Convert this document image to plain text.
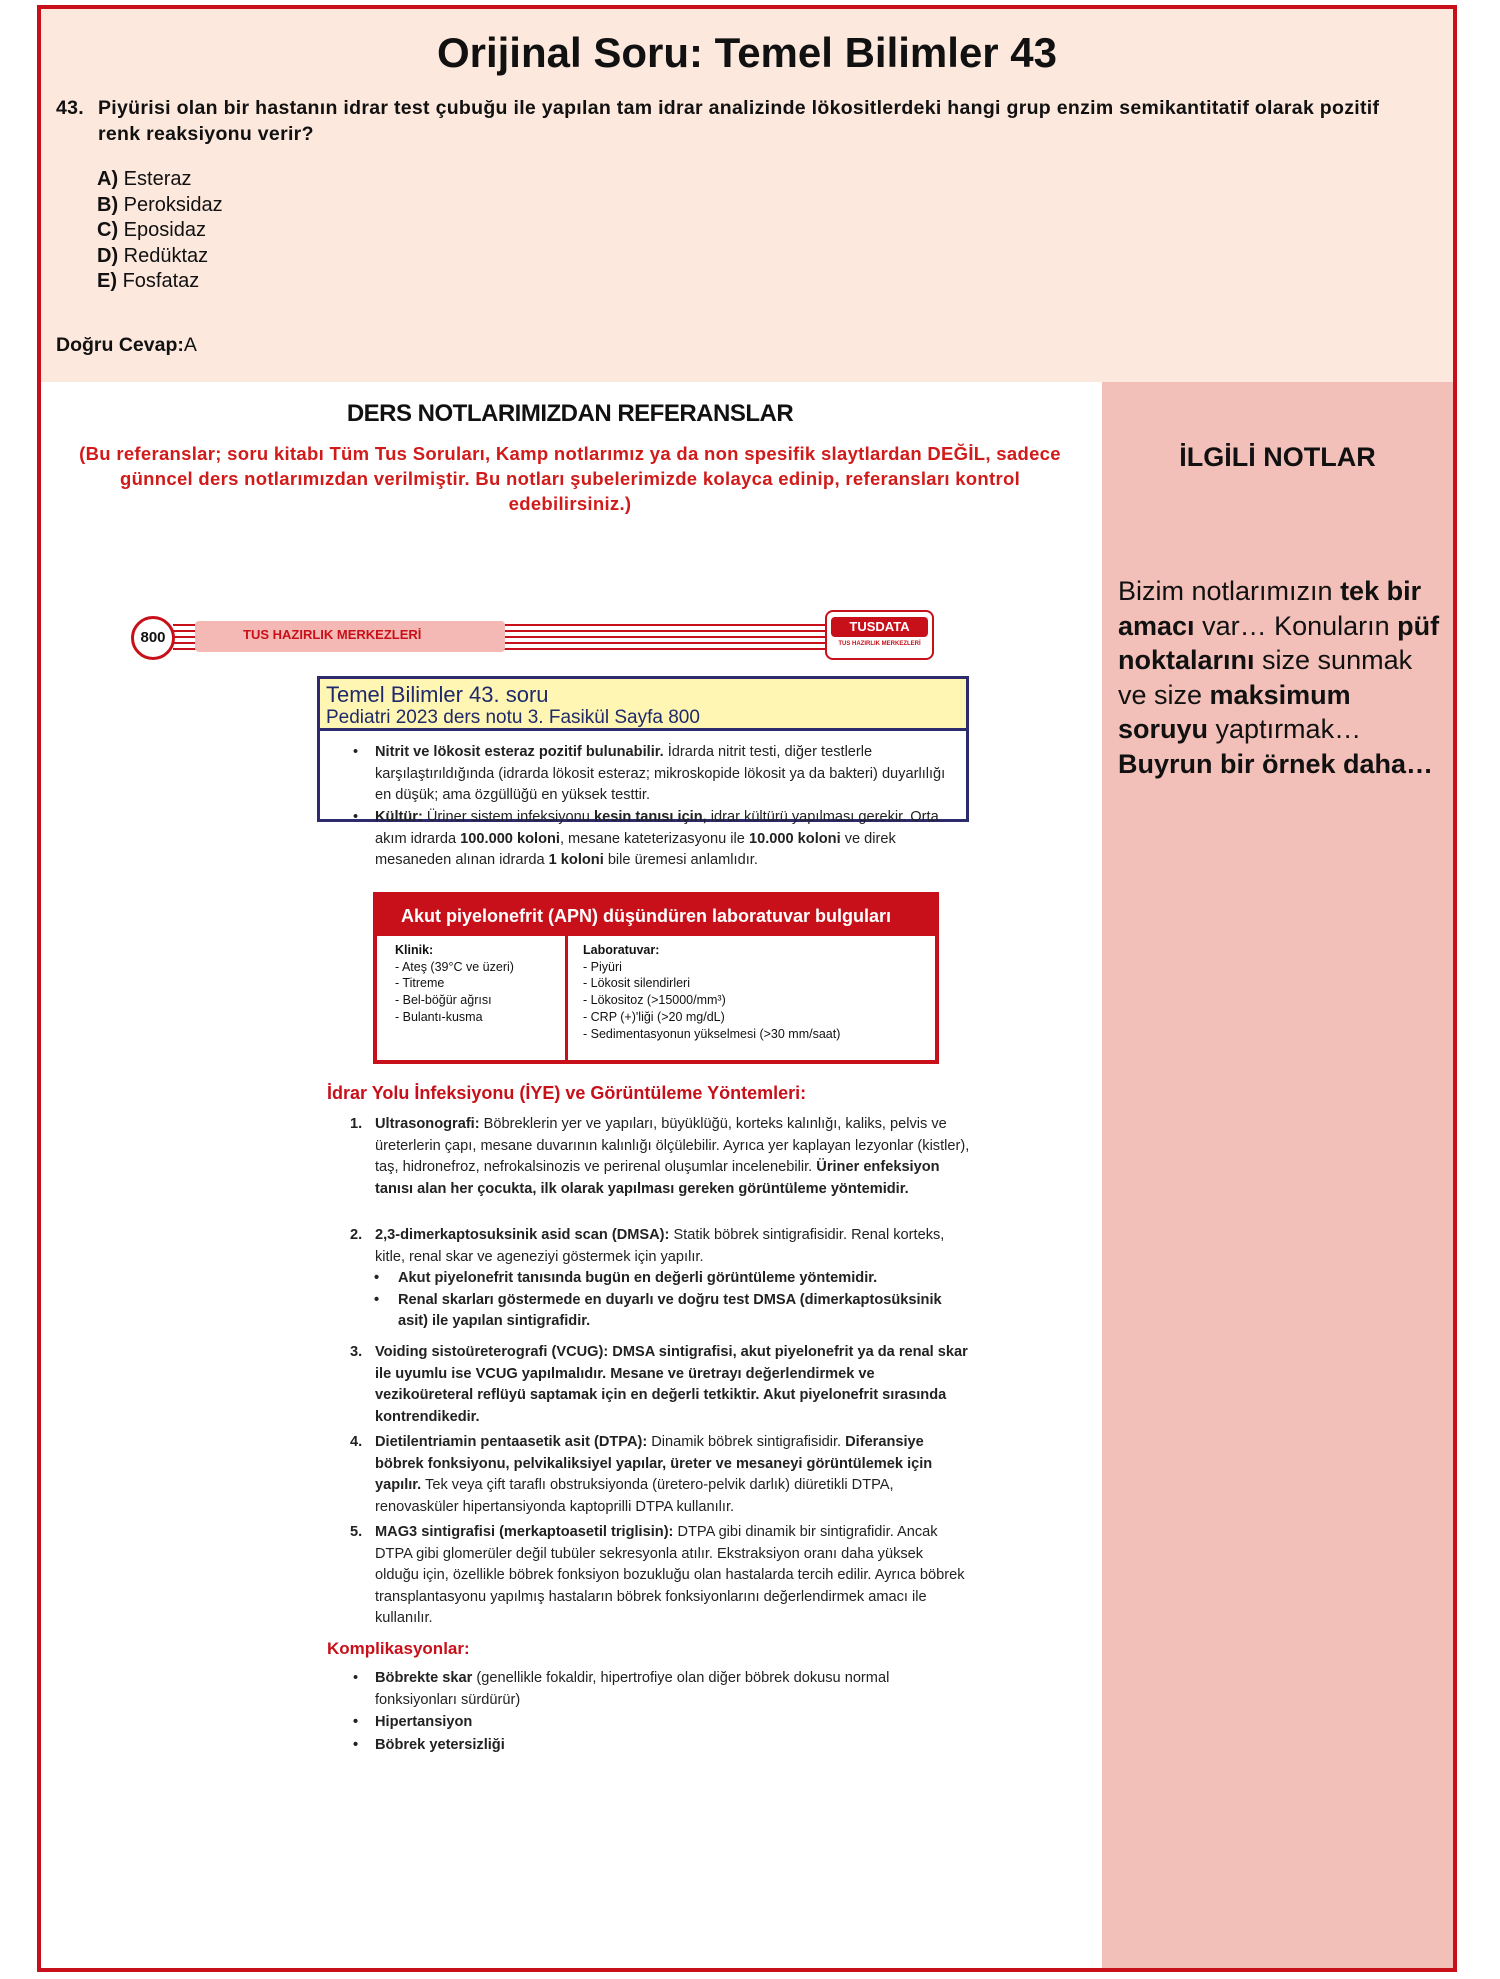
Orijinal Soru: Temel Bilimler 43
43. Piyürisi olan bir hastanın idrar test çubuğu ile yapılan tam idrar analizinde lökositlerdeki hangi grup enzim semikantitatif olarak pozitif renk reaksiyonu verir?
A) Esteraz
B) Peroksidaz
C) Eposidaz
D) Redüktaz
E) Fosfataz
Doğru Cevap:A
İLGİLİ NOTLAR
Bizim notlarımızın tek bir amacı var… Konuların püf noktalarını size sunmak ve size maksimum soruyu yaptırmak…Buyrun bir örnek daha…
DERS NOTLARIMIZDAN REFERANSLAR
(Bu referanslar; soru kitabı Tüm Tus Soruları, Kamp notlarımız ya da non spesifik slaytlardan DEĞİL, sadece günncel ders notlarımızdan verilmiştir. Bu notları şubelerimizde kolayca edinip, referansları kontrol edebilirsiniz.)
800	TUS HAZIRLIK MERKEZLERİ
TUSDATA
TUS HAZIRLIK MERKEZLERİ
Temel Bilimler 43. soru
Pediatri 2023 ders notu 3. Fasikül Sayfa 800
• Nitrit ve lökosit esteraz pozitif bulunabilir. İdrarda nitrit testi, diğer testlerle karşılaştırıldığında (idrarda lökosit esteraz; mikroskopide lökosit ya da bakteri) duyarlılığı en düşük; ama özgüllüğü en yüksek testtir.
• Kültür: Üriner sistem infeksiyonu kesin tanısı için, idrar kültürü yapılması gerekir. Orta akım idrarda 100.000 koloni, mesane kateterizasyonu ile 10.000 koloni ve direk mesaneden alınan idrarda 1 koloni bile üremesi anlamlıdır.
Akut piyelonefrit (APN) düşündüren laboratuvar bulguları
Klinik:
- Ateş (39°C ve üzeri)
- Titreme
- Bel-böğür ağrısı
- Bulantı-kusma
Laboratuvar:
- Piyüri
- Lökosit silendirleri
- Lökositoz (>15000/mm³)
- CRP (+)'liği (>20 mg/dL)
- Sedimentasyonun yükselmesi (>30 mm/saat)
İdrar Yolu İnfeksiyonu (İYE) ve Görüntüleme Yöntemleri:
1. Ultrasonografi: Böbreklerin yer ve yapıları, büyüklüğü, korteks kalınlığı, kaliks, pelvis ve üreterlerin çapı, mesane duvarının kalınlığı ölçülebilir. Ayrıca yer kaplayan lezyonlar (kistler), taş, hidronefroz, nefrokalsinozis ve perirenal oluşumlar incelenebilir. Üriner enfeksiyon tanısı alan her çocukta, ilk olarak yapılması gereken görüntüleme yöntemidir.
2. 2,3-dimerkaptosuksinik asid scan (DMSA): Statik böbrek sintigrafisidir. Renal korteks, kitle, renal skar ve ageneziyi göstermek için yapılır.
• Akut piyelonefrit tanısında bugün en değerli görüntüleme yöntemidir.
• Renal skarları göstermede en duyarlı ve doğru test DMSA (dimerkaptosüksinik asit) ile yapılan sintigrafidir.
3. Voiding sistoüreterografi (VCUG): DMSA sintigrafisi, akut piyelonefrit ya da renal skar ile uyumlu ise VCUG yapılmalıdır. Mesane ve üretrayı değerlendirmek ve vezikoüreteral reflüyü saptamak için en değerli tetkiktir. Akut piyelonefrit sırasında kontrendikedir.
4. Dietilentriamin pentaasetik asit (DTPA): Dinamik böbrek sintigrafisidir. Diferansiye böbrek fonksiyonu, pelvikaliksiyel yapılar, üreter ve mesaneyi görüntülemek için yapılır. Tek veya çift taraflı obstruksiyonda (üretero-pelvik darlık) diüretikli DTPA, renovasküler hipertansiyonda kaptoprilli DTPA kullanılır.
5. MAG3 sintigrafisi (merkaptoasetil triglisin): DTPA gibi dinamik bir sintigrafidir. Ancak DTPA gibi glomerüler değil tubüler sekresyonla atılır. Ekstraksiyon oranı daha yüksek olduğu için, özellikle böbrek fonksiyon bozukluğu olan hastalarda tercih edilir. Ayrıca böbrek transplantasyonu yapılmış hastaların böbrek fonksiyonlarını değerlendirmek amacı ile kullanılır.
Komplikasyonlar:
• Böbrekte skar (genellikle fokaldir, hipertrofiye olan diğer böbrek dokusu normal fonksiyonları sürdürür)
• Hipertansiyon
• Böbrek yetersizliği
